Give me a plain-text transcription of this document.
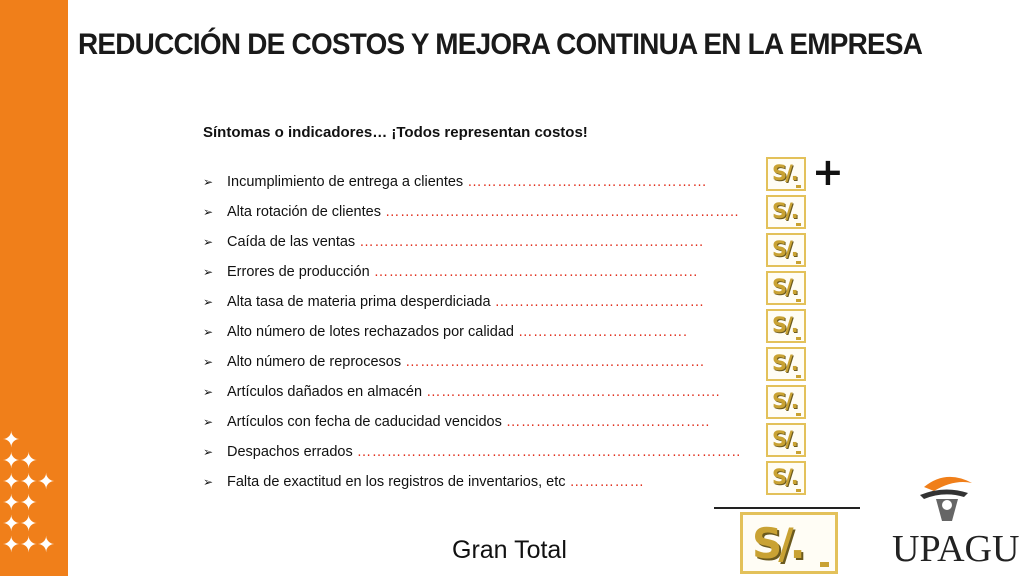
✦
✦✦
✦✦✦
✦✦
✦✦
✦✦✦
REDUCCIÓN DE COSTOS Y MEJORA CONTINUA EN LA EMPRESA
Síntomas o indicadores… ¡Todos representan costos!
➢ Incumplimiento de entrega a clientes …………………………………………
➢ Alta rotación de clientes ……………………………………………………………..
➢ Caída de las ventas ……………………………………………………………
➢ Errores de producción ………………………………………………………..
➢ Alta tasa de materia prima desperdiciada ……………………………………
➢ Alto número de lotes rechazados por calidad …………………………….
➢ Alto número de reprocesos ……………………………………………………
➢ Artículos dañados en almacén …………………………………………………..
➢ Artículos con fecha de caducidad vencidos …………………………………..
➢ Despachos errados …………………………………………………………………..
➢ Falta de exactitud en los registros de inventarios, etc ……………
S/.
S/.
S/.
S/.
S/.
S/.
S/.
S/.
S/.
+
S/.
Gran Total	UPAGU
